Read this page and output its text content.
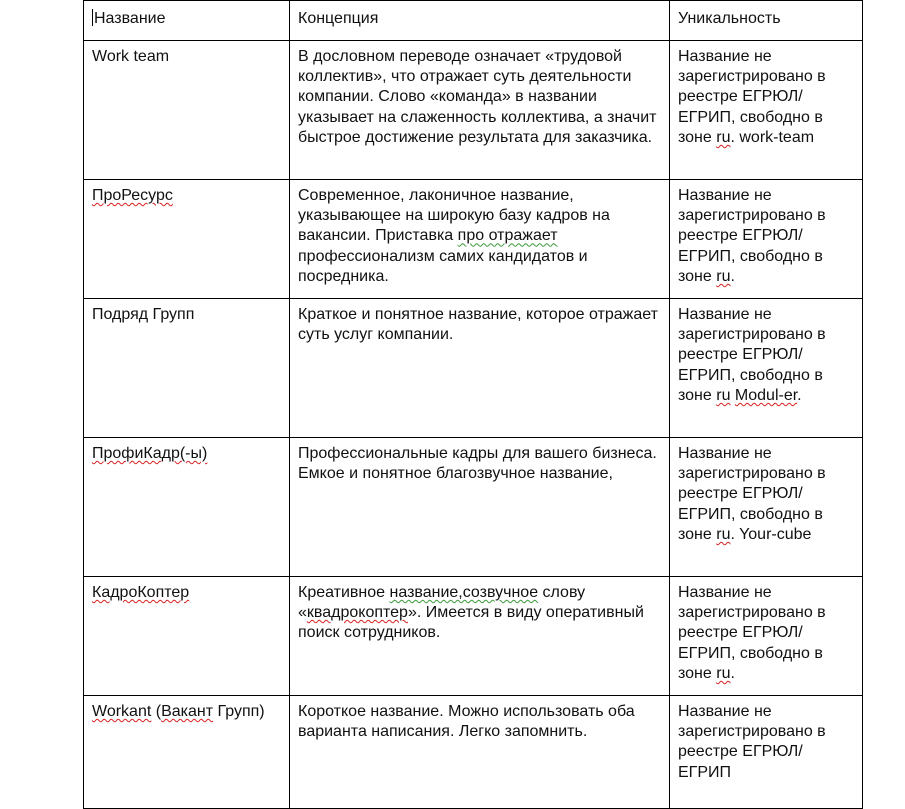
Название	Концепция	Уникальность
Work team	В дословном переводе означает «трудовой коллектив», что отражает суть деятельности компании. Слово «команда» в названии указывает на слаженность коллектива, а значит быстрое достижение результата для заказчика.	Название не зарегистрировано в реестре ЕГРЮЛ/ЕГРИП, свободно в зоне ru. work-team
ПроРесурс	Современное, лаконичное название, указывающее на широкую базу кадров на вакансии. Приставка про отражает профессионализм самих кандидатов и посредника.	Название не зарегистрировано в реестре ЕГРЮЛ/ЕГРИП, свободно в зоне ru.
Подряд Групп	Краткое и понятное название, которое отражает суть услуг компании.	Название не зарегистрировано в реестре ЕГРЮЛ/ЕГРИП, свободно в зоне ru Modul-er.
ПрофиКадр(-ы)	Профессиональные кадры для вашего бизнеса. Емкое и понятное благозвучное название,	Название не зарегистрировано в реестре ЕГРЮЛ/ЕГРИП, свободно в зоне ru. Your-cube
КадроКоптер	Креативное название,созвучное слову «квадрокоптер». Имеется в виду оперативный поиск сотрудников.	Название не зарегистрировано в реестре ЕГРЮЛ/ЕГРИП, свободно в зоне ru.
Workant (Вакант Групп)	Короткое название. Можно использовать оба варианта написания. Легко запомнить.	Название не зарегистрировано в реестре ЕГРЮЛ/ЕГРИП
